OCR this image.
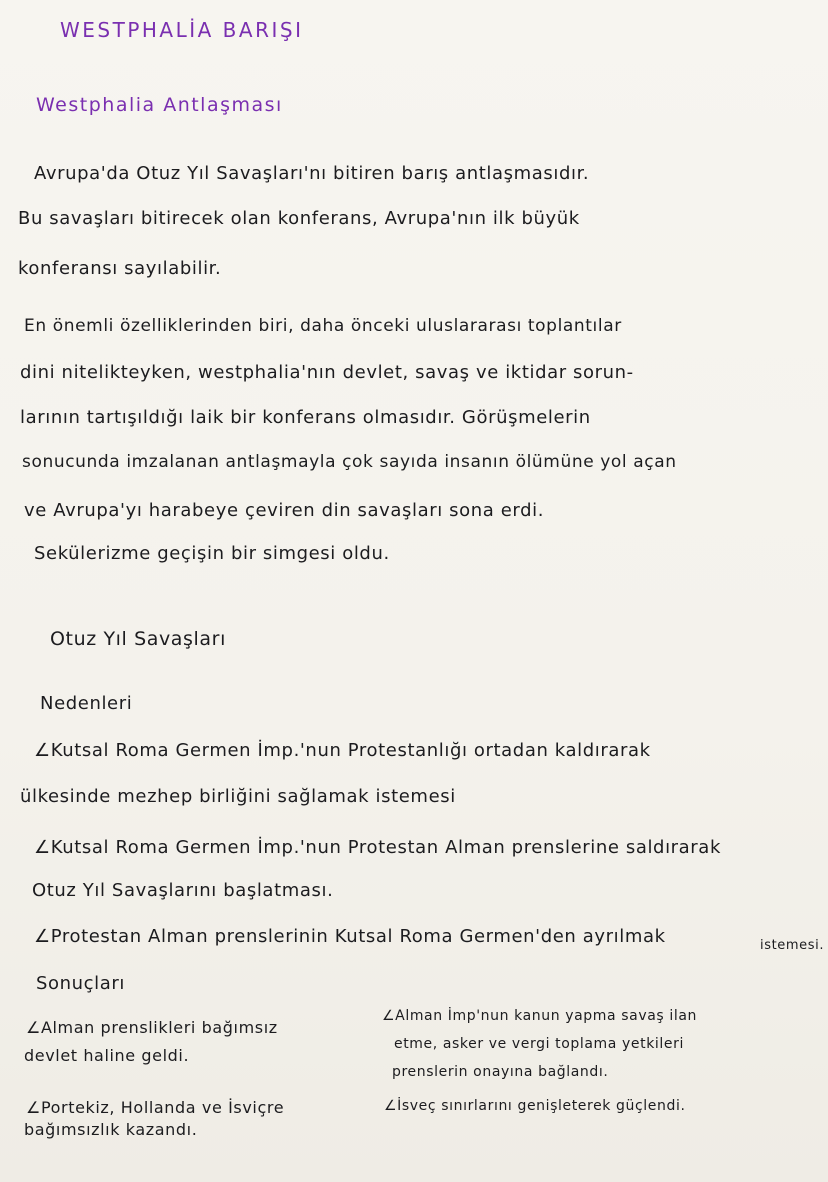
WESTPHALİA BARIŞI
Westphalia Antlaşması
Avrupa'da Otuz Yıl Savaşları'nı bitiren barış antlaşmasıdır.
Bu savaşları bitirecek olan konferans, Avrupa'nın ilk büyük
konferansı sayılabilir.
En önemli özelliklerinden biri, daha önceki uluslararası toplantılar
dini nitelikteyken, westphalia'nın devlet, savaş ve iktidar sorun-
larının tartışıldığı laik bir konferans olmasıdır. Görüşmelerin
sonucunda imzalanan antlaşmayla çok sayıda insanın ölümüne yol açan
ve Avrupa'yı harabeye çeviren din savaşları sona erdi.
Sekülerizme geçişin bir simgesi oldu.
Otuz Yıl Savaşları
Nedenleri
∠Kutsal Roma Germen İmp.'nun Protestanlığı ortadan kaldırarak
ülkesinde mezhep birliğini sağlamak istemesi
∠Kutsal Roma Germen İmp.'nun Protestan Alman prenslerine saldırarak
Otuz Yıl Savaşlarını başlatması.
∠Protestan Alman prenslerinin Kutsal Roma Germen'den ayrılmak	istemesi.
Sonuçları
∠Alman prenslikleri bağımsız
devlet haline geldi.
∠Portekiz, Hollanda ve İsviçre
bağımsızlık kazandı.
∠Alman İmp'nun kanun yapma savaş ilan
etme, asker ve vergi toplama yetkileri
prenslerin onayına bağlandı.
∠İsveç sınırlarını genişleterek güçlendi.
